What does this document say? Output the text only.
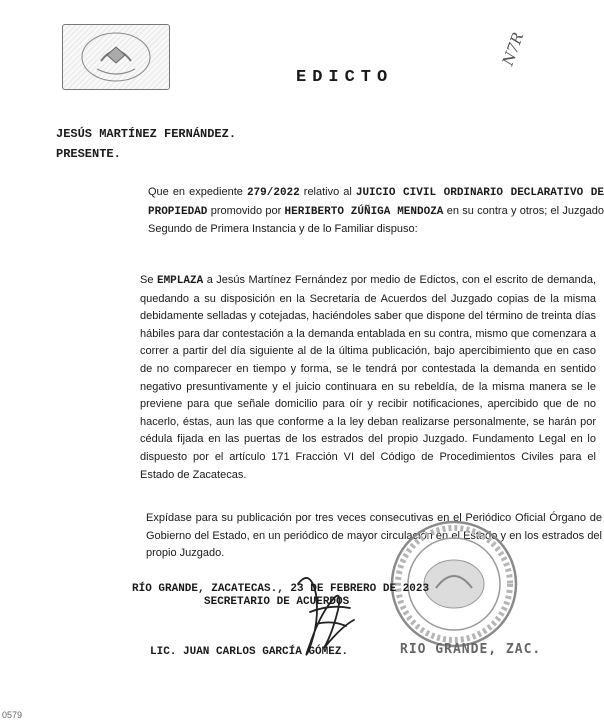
EDICTO
N7R
JESÚS MARTÍNEZ FERNÁNDEZ.
PRESENTE.
Que en expediente 279/2022 relativo al JUICIO CIVIL ORDINARIO DECLARATIVO DE PROPIEDAD promovido por HERIBERTO ZÚÑIGA MENDOZA en su contra y otros; el Juzgado Segundo de Primera Instancia y de lo Familiar dispuso:
Se EMPLAZA a Jesús Martínez Fernández por medio de Edictos, con el escrito de demanda, quedando a su disposición en la Secretaria de Acuerdos del Juzgado copias de la misma debidamente selladas y cotejadas, haciéndoles saber que dispone del término de treinta días hábiles para dar contestación a la demanda entablada en su contra, mismo que comenzara a correr a partir del día siguiente al de la última publicación, bajo apercibimiento que en caso de no comparecer en tiempo y forma, se le tendrá por contestada la demanda en sentido negativo presuntivamente y el juicio continuara en su rebeldía, de la misma manera se le previene para que señale domicilio para oír y recibir notificaciones, apercibido que de no hacerlo, éstas, aun las que conforme a la ley deban realizarse personalmente, se harán por cédula fijada en las puertas de los estrados del propio Juzgado. Fundamento Legal en lo dispuesto por el artículo 171 Fracción VI del Código de Procedimientos Civiles para el Estado de Zacatecas.
Expídase para su publicación por tres veces consecutivas en el Periódico Oficial Órgano de Gobierno del Estado, en un periódico de mayor circulación en el Estado y en los estrados del propio Juzgado.
RÍO GRANDE, ZACATECAS., 23 DE FEBRERO DE 2023
SECRETARIO DE ACUERDOS
LIC. JUAN CARLOS GARCÍA GÓMEZ.	RIO GRANDE, ZAC.
0579
